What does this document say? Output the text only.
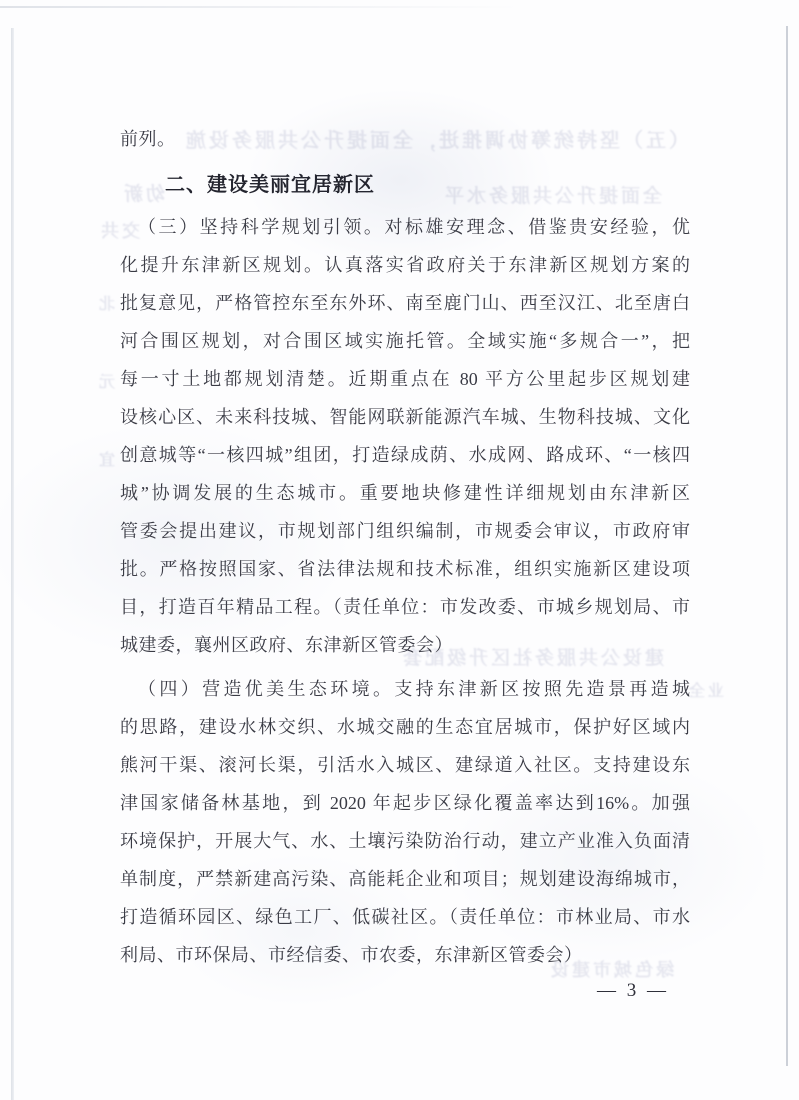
（五）坚持统筹协调推进，全面提升公共服务设施
幼新	全面提升公共服务水平
交共
北
元
宜
建设公共服务社区升级配套
业全
绿色城市建设
前列。
二、建设美丽宜居新区
（三）坚持科学规划引领。对标雄安理念、借鉴贵安经验，优
化提升东津新区规划。认真落实省政府关于东津新区规划方案的
批复意见，严格管控东至东外环、南至鹿门山、西至汉江、北至唐白
河合围区规划，对合围区域实施托管。全域实施“多规合一”，把
每一寸土地都规划清楚。近期重点在 80 平方公里起步区规划建
设核心区、未来科技城、智能网联新能源汽车城、生物科技城、文化
创意城等“一核四城”组团，打造绿成荫、水成网、路成环、“一核四
城”协调发展的生态城市。重要地块修建性详细规划由东津新区
管委会提出建议，市规划部门组织编制，市规委会审议，市政府审
批。严格按照国家、省法律法规和技术标准，组织实施新区建设项
目，打造百年精品工程。（责任单位：市发改委、市城乡规划局、市
城建委，襄州区政府、东津新区管委会）
（四）营造优美生态环境。支持东津新区按照先造景再造城
的思路，建设水林交织、水城交融的生态宜居城市，保护好区域内
熊河干渠、滚河长渠，引活水入城区、建绿道入社区。支持建设东
津国家储备林基地，到 2020 年起步区绿化覆盖率达到16%。加强
环境保护，开展大气、水、土壤污染防治行动，建立产业准入负面清
单制度，严禁新建高污染、高能耗企业和项目；规划建设海绵城市，
打造循环园区、绿色工厂、低碳社区。（责任单位：市林业局、市水
利局、市环保局、市经信委、市农委，东津新区管委会）
— 3 —
